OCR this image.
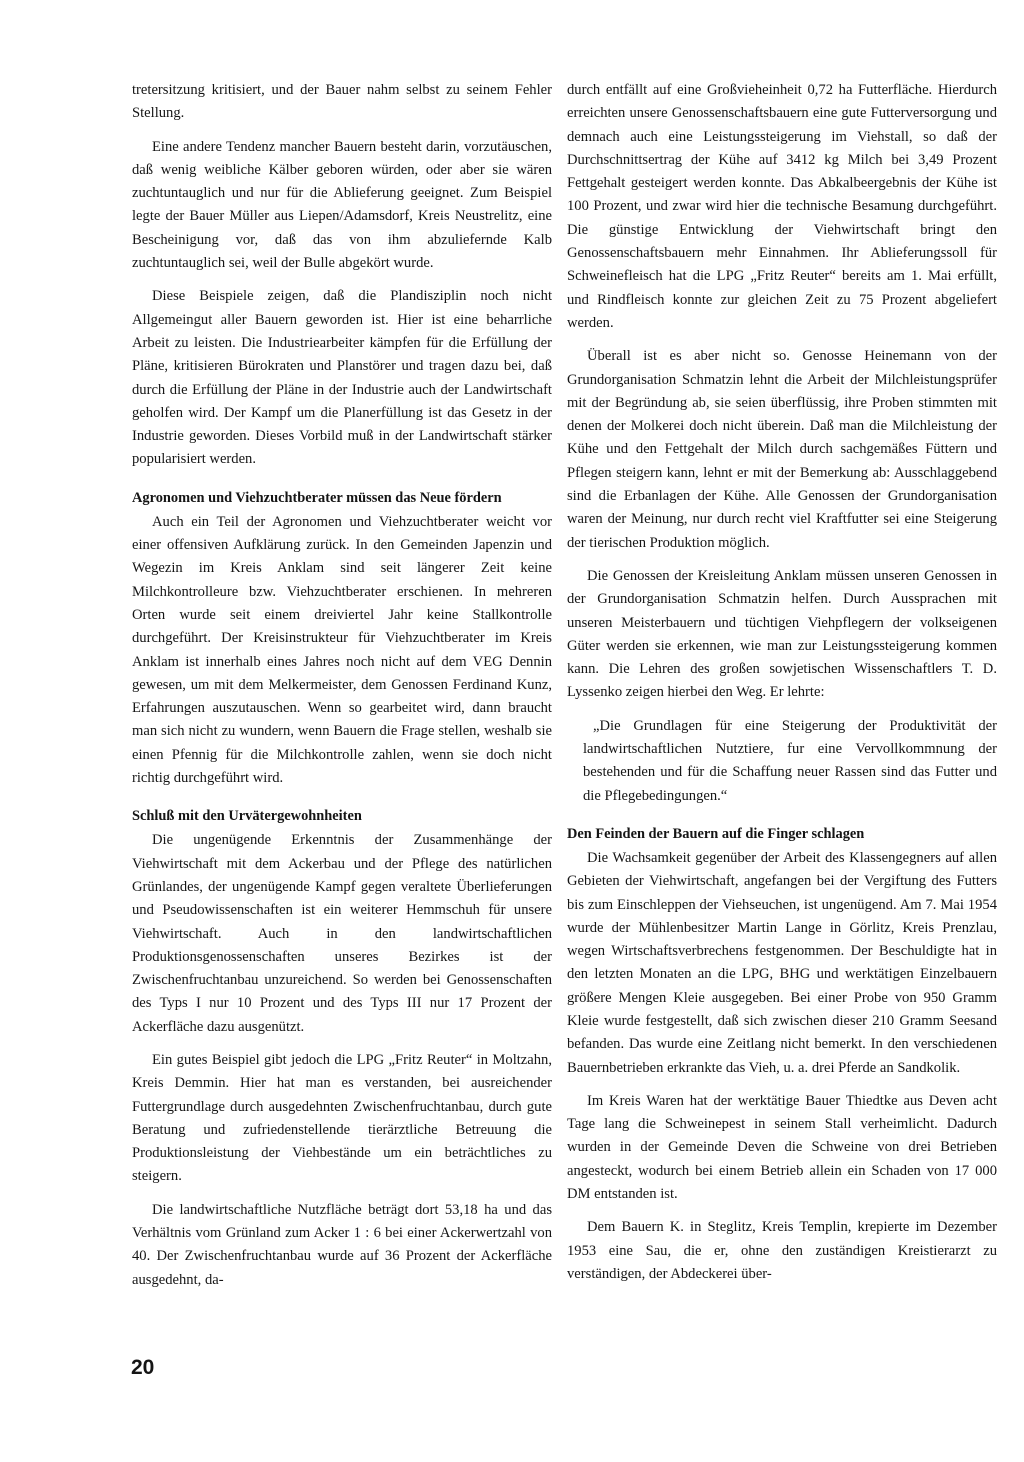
tretersitzung kritisiert, und der Bauer nahm selbst zu seinem Fehler Stellung.

Eine andere Tendenz mancher Bauern besteht darin, vorzutäuschen, daß wenig weibliche Kälber geboren würden, oder aber sie wären zuchtuntauglich und nur für die Ablieferung geeignet. Zum Beispiel legte der Bauer Müller aus Liepen/Adamsdorf, Kreis Neustrelitz, eine Bescheinigung vor, daß das von ihm abzuliefernde Kalb zuchtuntauglich sei, weil der Bulle abgekört wurde.

Diese Beispiele zeigen, daß die Plandisziplin noch nicht Allgemeingut aller Bauern geworden ist. Hier ist eine beharrliche Arbeit zu leisten. Die Industriearbeiter kämpfen für die Erfüllung der Pläne, kritisieren Bürokraten und Planstörer und tragen dazu bei, daß durch die Erfüllung der Pläne in der Industrie auch der Landwirtschaft geholfen wird. Der Kampf um die Planerfüllung ist das Gesetz in der Industrie geworden. Dieses Vorbild muß in der Landwirtschaft stärker popularisiert werden.

Agronomen und Viehzuchtberater müssen das Neue fördern

Auch ein Teil der Agronomen und Viehzuchtberater weicht vor einer offensiven Aufklärung zurück. In den Gemeinden Japenzin und Wegezin im Kreis Anklam sind seit längerer Zeit keine Milchkontrolleure bzw. Viehzuchtberater erschienen. In mehreren Orten wurde seit einem dreiviertel Jahr keine Stallkontrolle durchgeführt. Der Kreisinstrukteur für Viehzuchtberater im Kreis Anklam ist innerhalb eines Jahres noch nicht auf dem VEG Dennin gewesen, um mit dem Melkermeister, dem Genossen Ferdinand Kunz, Erfahrungen auszutauschen. Wenn so gearbeitet wird, dann braucht man sich nicht zu wundern, wenn Bauern die Frage stellen, weshalb sie einen Pfennig für die Milchkontrolle zahlen, wenn sie doch nicht richtig durchgeführt wird.

Schluß mit den Urvätergewohnheiten

Die ungenügende Erkenntnis der Zusammenhänge der Viehwirtschaft mit dem Ackerbau und der Pflege des natürlichen Grünlandes, der ungenügende Kampf gegen veraltete Überlieferungen und Pseudowissenschaften ist ein weiterer Hemmschuh für unsere Viehwirtschaft. Auch in den landwirtschaftlichen Produktionsgenossenschaften unseres Bezirkes ist der Zwischenfruchtanbau unzureichend. So werden bei Genossenschaften des Typs I nur 10 Prozent und des Typs III nur 17 Prozent der Ackerfläche dazu ausgenützt.

Ein gutes Beispiel gibt jedoch die LPG „Fritz Reuter“ in Moltzahn, Kreis Demmin. Hier hat man es verstanden, bei ausreichender Futtergrundlage durch ausgedehnten Zwischenfruchtanbau, durch gute Beratung und zufriedenstellende tierärztliche Betreuung die Produktionsleistung der Viehbestände um ein beträchtliches zu steigern.

Die landwirtschaftliche Nutzfläche beträgt dort 53,18 ha und das Verhältnis vom Grünland zum Acker 1 : 6 bei einer Ackerwertzahl von 40. Der Zwischenfruchtanbau wurde auf 36 Prozent der Ackerfläche ausgedehnt, da-

durch entfällt auf eine Großvieheinheit 0,72 ha Futterfläche. Hierdurch erreichten unsere Genossenschaftsbauern eine gute Futterversorgung und demnach auch eine Leistungssteigerung im Viehstall, so daß der Durchschnittsertrag der Kühe auf 3412 kg Milch bei 3,49 Prozent Fettgehalt gesteigert werden konnte. Das Abkalbeergebnis der Kühe ist 100 Prozent, und zwar wird hier die technische Besamung durchgeführt. Die günstige Entwicklung der Viehwirtschaft bringt den Genossenschaftsbauern mehr Einnahmen. Ihr Ablieferungssoll für Schweinefleisch hat die LPG „Fritz Reuter“ bereits am 1. Mai erfüllt, und Rindfleisch konnte zur gleichen Zeit zu 75 Prozent abgeliefert werden.

Überall ist es aber nicht so. Genosse Heinemann von der Grundorganisation Schmatzin lehnt die Arbeit der Milchleistungsprüfer mit der Begründung ab, sie seien überflüssig, ihre Proben stimmten mit denen der Molkerei doch nicht überein. Daß man die Milchleistung der Kühe und den Fettgehalt der Milch durch sachgemäßes Füttern und Pflegen steigern kann, lehnt er mit der Bemerkung ab: Ausschlaggebend sind die Erbanlagen der Kühe. Alle Genossen der Grundorganisation waren der Meinung, nur durch recht viel Kraftfutter sei eine Steigerung der tierischen Produktion möglich.

Die Genossen der Kreisleitung Anklam müssen unseren Genossen in der Grundorganisation Schmatzin helfen. Durch Aussprachen mit unseren Meisterbauern und tüchtigen Viehpflegern der volkseigenen Güter werden sie erkennen, wie man zur Leistungssteigerung kommen kann. Die Lehren des großen sowjetischen Wissenschaftlers T. D. Lyssenko zeigen hierbei den Weg. Er lehrte:

„Die Grundlagen für eine Steigerung der Produktivität der landwirtschaftlichen Nutztiere, fur eine Vervollkommnung der bestehenden und für die Schaffung neuer Rassen sind das Futter und die Pflegebedingungen.“

Den Feinden der Bauern auf die Finger schlagen

Die Wachsamkeit gegenüber der Arbeit des Klassengegners auf allen Gebieten der Viehwirtschaft, angefangen bei der Vergiftung des Futters bis zum Einschleppen der Viehseuchen, ist ungenügend. Am 7. Mai 1954 wurde der Mühlenbesitzer Martin Lange in Görlitz, Kreis Prenzlau, wegen Wirtschaftsverbrechens festgenommen. Der Beschuldigte hat in den letzten Monaten an die LPG, BHG und werktätigen Einzelbauern größere Mengen Kleie ausgegeben. Bei einer Probe von 950 Gramm Kleie wurde festgestellt, daß sich zwischen dieser 210 Gramm Seesand befanden. Das wurde eine Zeitlang nicht bemerkt. In den verschiedenen Bauernbetrieben erkrankte das Vieh, u. a. drei Pferde an Sandkolik.

Im Kreis Waren hat der werktätige Bauer Thiedtke aus Deven acht Tage lang die Schweinepest in seinem Stall verheimlicht. Dadurch wurden in der Gemeinde Deven die Schweine von drei Betrieben angesteckt, wodurch bei einem Betrieb allein ein Schaden von 17 000 DM entstanden ist.

Dem Bauern K. in Steglitz, Kreis Templin, krepierte im Dezember 1953 eine Sau, die er, ohne den zuständigen Kreistierarzt zu verständigen, der Abdeckerei über-

20
